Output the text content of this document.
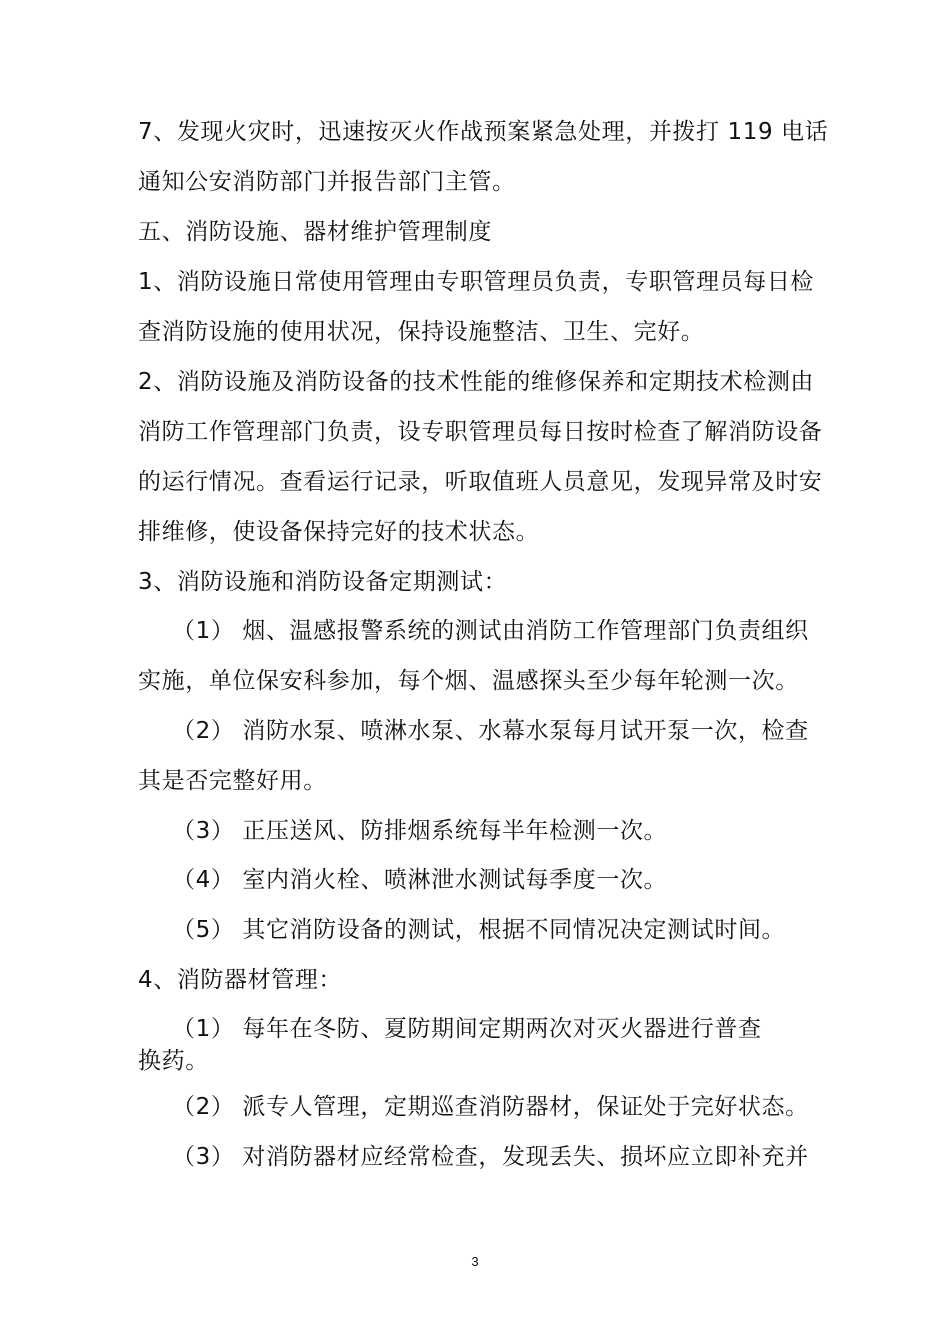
7、发现火灾时，迅速按灭火作战预案紧急处理，并拨打 119 电话
通知公安消防部门并报告部门主管。
五、消防设施、器材维护管理制度
1、消防设施日常使用管理由专职管理员负责，专职管理员每日检
查消防设施的使用状况，保持设施整洁、卫生、完好。
2、消防设施及消防设备的技术性能的维修保养和定期技术检测由
消防工作管理部门负责，设专职管理员每日按时检查了解消防设备
的运行情况。查看运行记录，听取值班人员意见，发现异常及时安
排维修，使设备保持完好的技术状态。
3、消防设施和消防设备定期测试：
（1） 烟、温感报警系统的测试由消防工作管理部门负责组织
实施，单位保安科参加，每个烟、温感探头至少每年轮测一次。
（2） 消防水泵、喷淋水泵、水幕水泵每月试开泵一次，检查
其是否完整好用。
（3） 正压送风、防排烟系统每半年检测一次。
（4） 室内消火栓、喷淋泄水测试每季度一次。
（5） 其它消防设备的测试，根据不同情况决定测试时间。
4、消防器材管理：
（1） 每年在冬防、夏防期间定期两次对灭火器进行普查
换药。
（2） 派专人管理，定期巡查消防器材，保证处于完好状态。
（3） 对消防器材应经常检查，发现丢失、损坏应立即补充并
3
